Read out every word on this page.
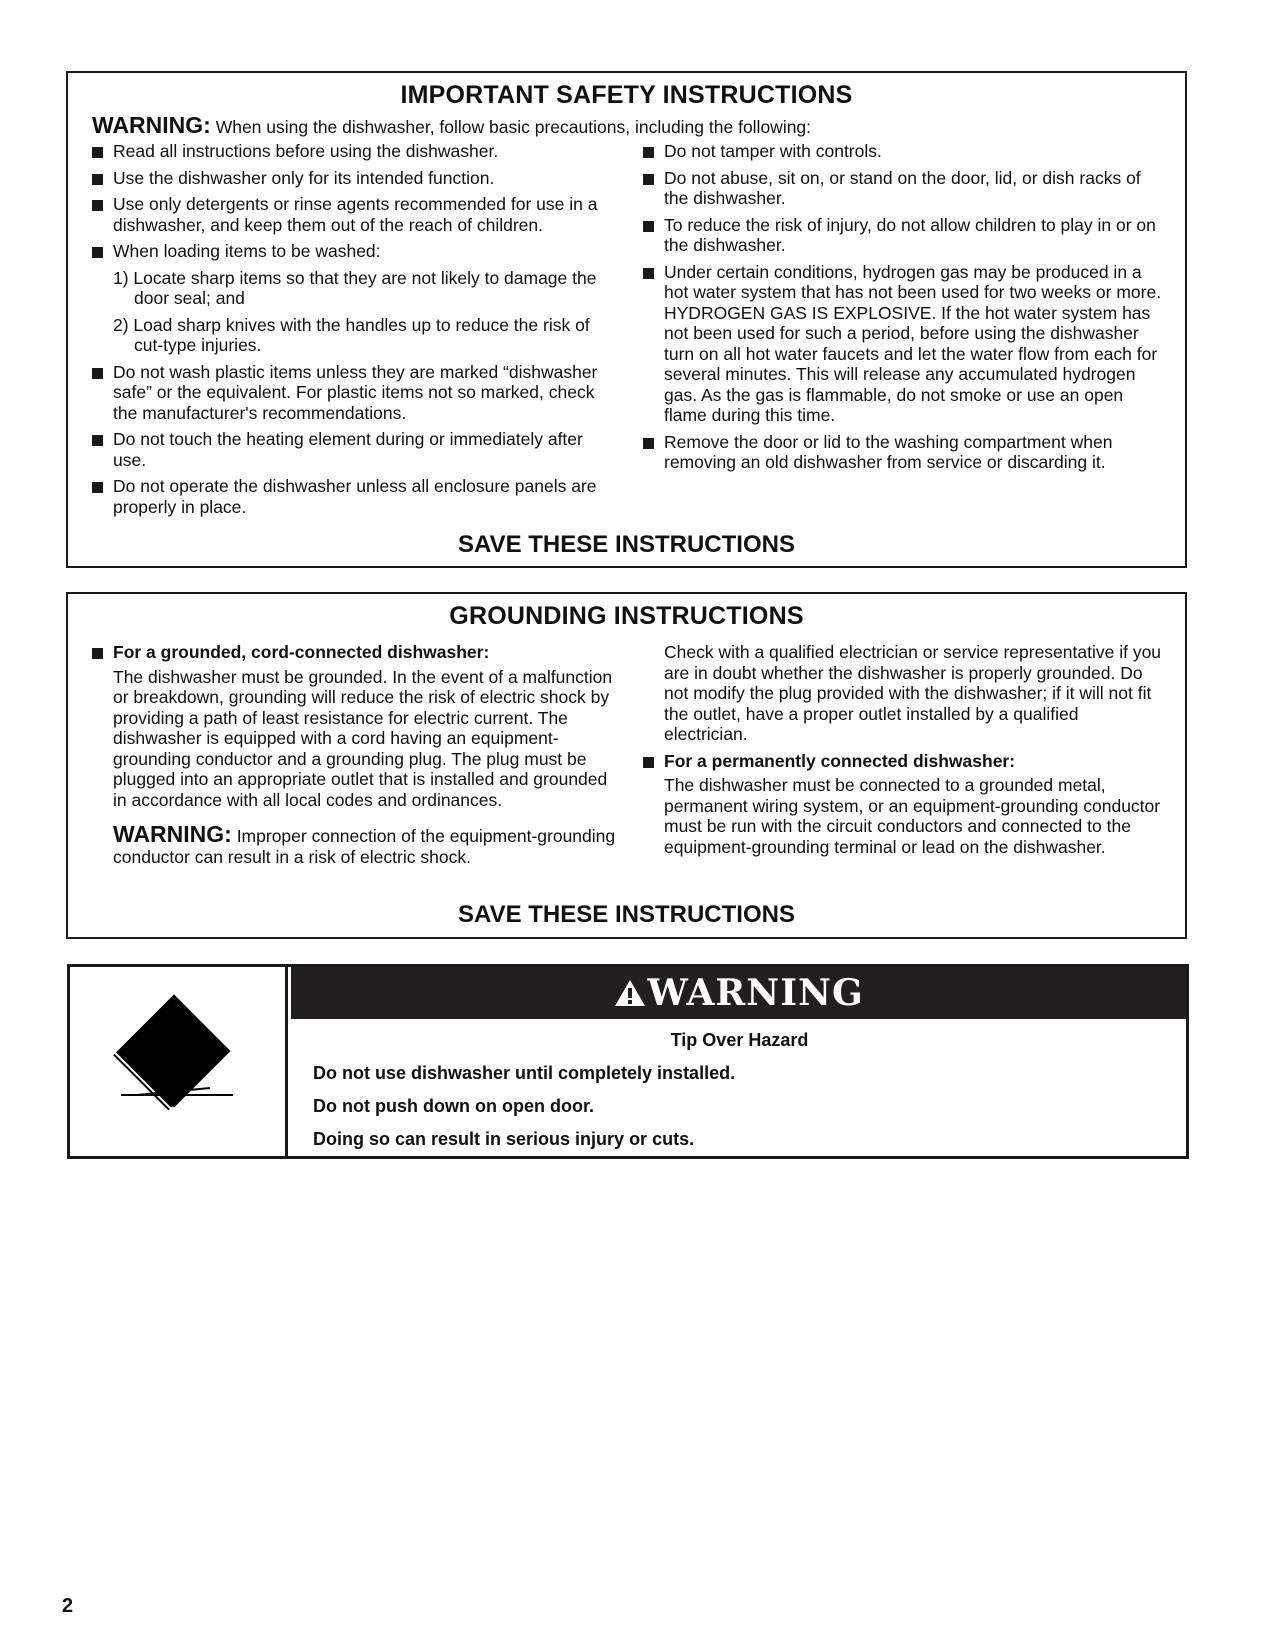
IMPORTANT SAFETY INSTRUCTIONS
WARNING: When using the dishwasher, follow basic precautions, including the following:
Read all instructions before using the dishwasher.
Use the dishwasher only for its intended function.
Use only detergents or rinse agents recommended for use in a dishwasher, and keep them out of the reach of children.
When loading items to be washed:
1) Locate sharp items so that they are not likely to damage the door seal; and
2) Load sharp knives with the handles up to reduce the risk of cut-type injuries.
Do not wash plastic items unless they are marked “dishwasher safe” or the equivalent. For plastic items not so marked, check the manufacturer's recommendations.
Do not touch the heating element during or immediately after use.
Do not operate the dishwasher unless all enclosure panels are properly in place.
Do not tamper with controls.
Do not abuse, sit on, or stand on the door, lid, or dish racks of the dishwasher.
To reduce the risk of injury, do not allow children to play in or on the dishwasher.
Under certain conditions, hydrogen gas may be produced in a hot water system that has not been used for two weeks or more. HYDROGEN GAS IS EXPLOSIVE. If the hot water system has not been used for such a period, before using the dishwasher turn on all hot water faucets and let the water flow from each for several minutes. This will release any accumulated hydrogen gas. As the gas is flammable, do not smoke or use an open flame during this time.
Remove the door or lid to the washing compartment when removing an old dishwasher from service or discarding it.
SAVE THESE INSTRUCTIONS
GROUNDING INSTRUCTIONS
For a grounded, cord-connected dishwasher:

The dishwasher must be grounded. In the event of a malfunction or breakdown, grounding will reduce the risk of electric shock by providing a path of least resistance for electric current. The dishwasher is equipped with a cord having an equipment-grounding conductor and a grounding plug. The plug must be plugged into an appropriate outlet that is installed and grounded in accordance with all local codes and ordinances.

WARNING: Improper connection of the equipment-grounding conductor can result in a risk of electric shock.

Check with a qualified electrician or service representative if you are in doubt whether the dishwasher is properly grounded. Do not modify the plug provided with the dishwasher; if it will not fit the outlet, have a proper outlet installed by a qualified electrician.

For a permanently connected dishwasher:

The dishwasher must be connected to a grounded metal, permanent wiring system, or an equipment-grounding conductor must be run with the circuit conductors and connected to the equipment-grounding terminal or lead on the dishwasher.

SAVE THESE INSTRUCTIONS
WARNING
Tip Over Hazard

Do not use dishwasher until completely installed.

Do not push down on open door.

Doing so can result in serious injury or cuts.

2
